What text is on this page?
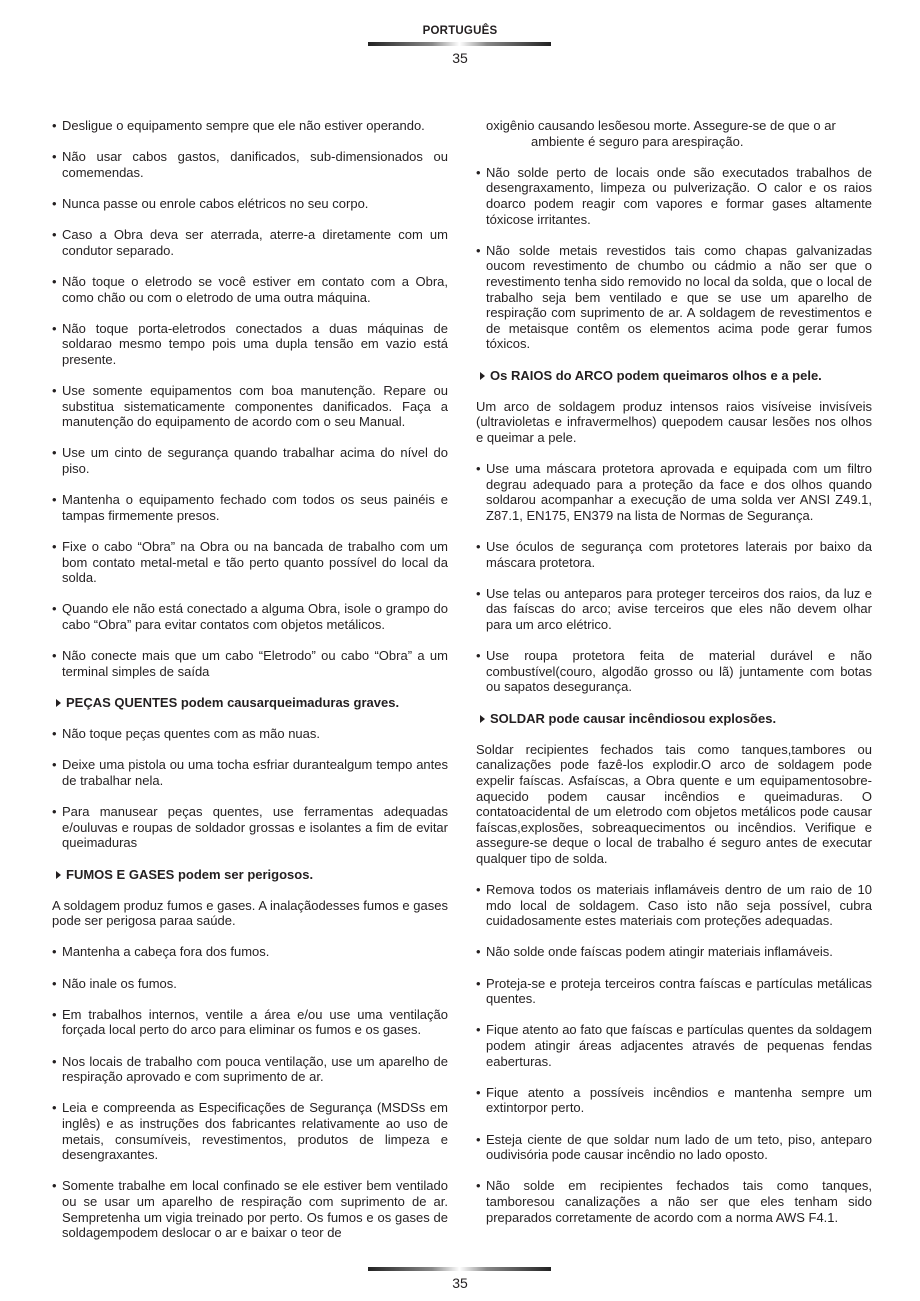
PORTUGUÊS
35
• Desligue o equipamento sempre que ele não estiver operando.
• Não usar cabos gastos, danificados, sub-dimensionados ou comemendas.
• Nunca passe ou enrole cabos elétricos no seu corpo.
• Caso a Obra deva ser aterrada, aterre-a diretamente com um condutor separado.
• Não toque o eletrodo se você estiver em contato com a Obra, como chão ou com o eletrodo de uma outra máquina.
• Não toque porta-eletrodos conectados a duas máquinas de soldarao mesmo tempo pois uma dupla tensão em vazio está presente.
• Use somente equipamentos com boa manutenção. Repare ou substitua sistematicamente componentes danificados. Faça a manutenção do equipamento de acordo com o seu Manual.
• Use um cinto de segurança quando trabalhar acima do nível do piso.
• Mantenha o equipamento fechado com todos os seus painéis e tampas firmemente presos.
• Fixe o cabo “Obra” na Obra ou na bancada de trabalho com um bom contato metal-metal e tão perto quanto possível do local da solda.
• Quando ele não está conectado a alguma Obra, isole o grampo do cabo “Obra” para evitar contatos com objetos metálicos.
• Não conecte mais que um cabo “Eletrodo” ou cabo “Obra” a um terminal simples de saída
PEÇAS QUENTES podem causarqueimaduras graves.
• Não toque peças quentes com as mão nuas.
• Deixe uma pistola ou uma tocha esfriar durantealgum tempo antes de trabalhar nela.
• Para manusear peças quentes, use ferramentas adequadas e/ouluvas e roupas de soldador grossas e isolantes a fim de evitar queimaduras
FUMOS E GASES podem ser perigosos.
A soldagem produz fumos e gases. A inalaçãodesses fumos e gases pode ser perigosa paraa saúde.
• Mantenha a cabeça fora dos fumos.
• Não inale os fumos.
• Em trabalhos internos, ventile a área e/ou use uma ventilação forçada local perto do arco para eliminar os fumos e os gases.
• Nos locais de trabalho com pouca ventilação, use um aparelho de respiração aprovado e com suprimento de ar.
• Leia e compreenda as Especificações de Segurança (MSDSs em inglês) e as instruções dos fabricantes relativamente ao uso de metais, consumíveis, revestimentos, produtos de limpeza e desengraxantes.
• Somente trabalhe em local confinado se ele estiver bem ventilado ou se usar um aparelho de respiração com suprimento de ar. Sempretenha um vigia treinado por perto. Os fumos e os gases de soldagempodem deslocar o ar e baixar o teor de
oxigênio causando lesõesou morte. Assegure-se de que o ar
ambiente é seguro para arespiração.
• Não solde perto de locais onde são executados trabalhos de desengraxamento, limpeza ou pulverização. O calor e os raios doarco podem reagir com vapores e formar gases altamente tóxicose irritantes.
• Não solde metais revestidos tais como chapas galvanizadas oucom revestimento de chumbo ou cádmio a não ser que o revestimento tenha sido removido no local da solda, que o local de trabalho seja bem ventilado e que se use um aparelho de respiração com suprimento de ar. A soldagem de revestimentos e de metaisque contêm os elementos acima pode gerar fumos tóxicos.
Os RAIOS do ARCO podem queimaros olhos e a pele.
Um arco de soldagem produz intensos raios visíveise invisíveis (ultravioletas e infravermelhos) quepodem causar lesões nos olhos e queimar a pele.
• Use uma máscara protetora aprovada e equipada com um filtro degrau adequado para a proteção da face e dos olhos quando soldarou acompanhar a execução de uma solda ver ANSI Z49.1, Z87.1, EN175, EN379 na lista de Normas de Segurança.
• Use óculos de segurança com protetores laterais por baixo da máscara protetora.
• Use telas ou anteparos para proteger terceiros dos raios, da luz e das faíscas do arco; avise terceiros que eles não devem olhar para um arco elétrico.
• Use roupa protetora feita de material durável e não combustível(couro, algodão grosso ou lã) juntamente com botas ou sapatos desegurança.
SOLDAR pode causar incêndiosou explosões.
Soldar recipientes fechados tais como tanques,tambores ou canalizações pode fazê-los explodir.O arco de soldagem pode expelir faíscas. Asfaíscas, a Obra quente e um equipamentosobre-aquecido podem causar incêndios e queimaduras. O contatoacidental de um eletrodo com objetos metálicos pode causar faíscas,explosões, sobreaquecimentos ou incêndios. Verifique e assegure-se deque o local de trabalho é seguro antes de executar qualquer tipo de solda.
• Remova todos os materiais inflamáveis dentro de um raio de 10 mdo local de soldagem. Caso isto não seja possível, cubra cuidadosamente estes materiais com proteções adequadas.
• Não solde onde faíscas podem atingir materiais inflamáveis.
• Proteja-se e proteja terceiros contra faíscas e partículas metálicas quentes.
• Fique atento ao fato que faíscas e partículas quentes da soldagem podem atingir áreas adjacentes através de pequenas fendas eaberturas.
• Fique atento a possíveis incêndios e mantenha sempre um extintorpor perto.
• Esteja ciente de que soldar num lado de um teto, piso, anteparo oudivisória pode causar incêndio no lado oposto.
• Não solde em recipientes fechados tais como tanques, tamboresou canalizações a não ser que eles tenham sido preparados corretamente de acordo com a norma AWS F4.1.
35
